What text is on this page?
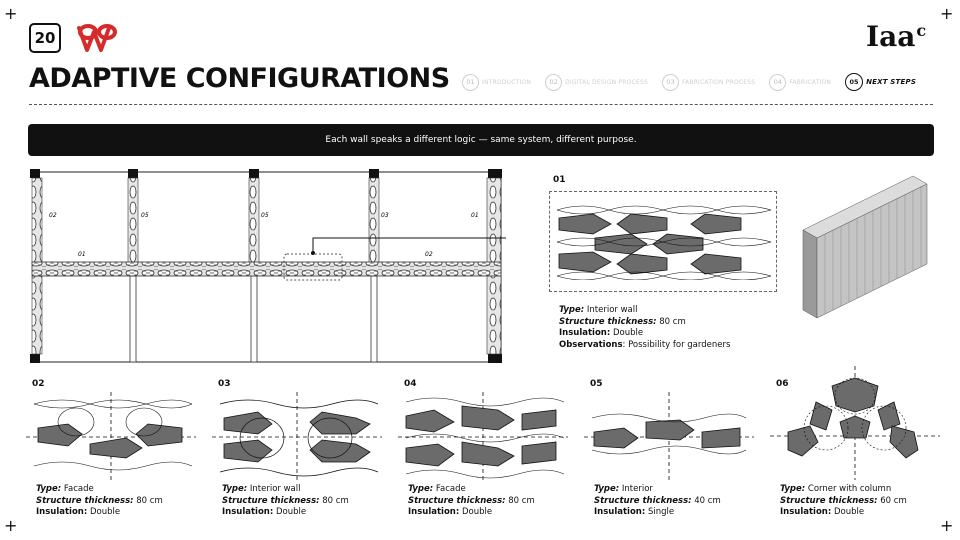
+	+
+	+
20	Iaac
ADAPTIVE CONFIGURATIONS	01	INTRODUCTION	02	DIGITAL DESIGN PROCESS	03	FABRICATION PROCESS	04	FABRICATION	05	NEXT STEPS
Each wall speaks a different logic — same system, different purpose.
02	05	05	03	01
01	02
01
Type: Interior wall
Structure thickness: 80 cm
Insulation: Double
Observations: Possibility for gardeners
02
Type: Facade
Structure thickness: 80 cm
Insulation: Double
03
Type: Interior wall
Structure thickness: 80 cm
Insulation: Double
04
Type: Facade
Structure thickness: 80 cm
Insulation: Double
05
Type: Interior
Structure thickness: 40 cm
Insulation: Single
06
Type: Corner with column
Structure thickness: 60 cm
Insulation: Double
